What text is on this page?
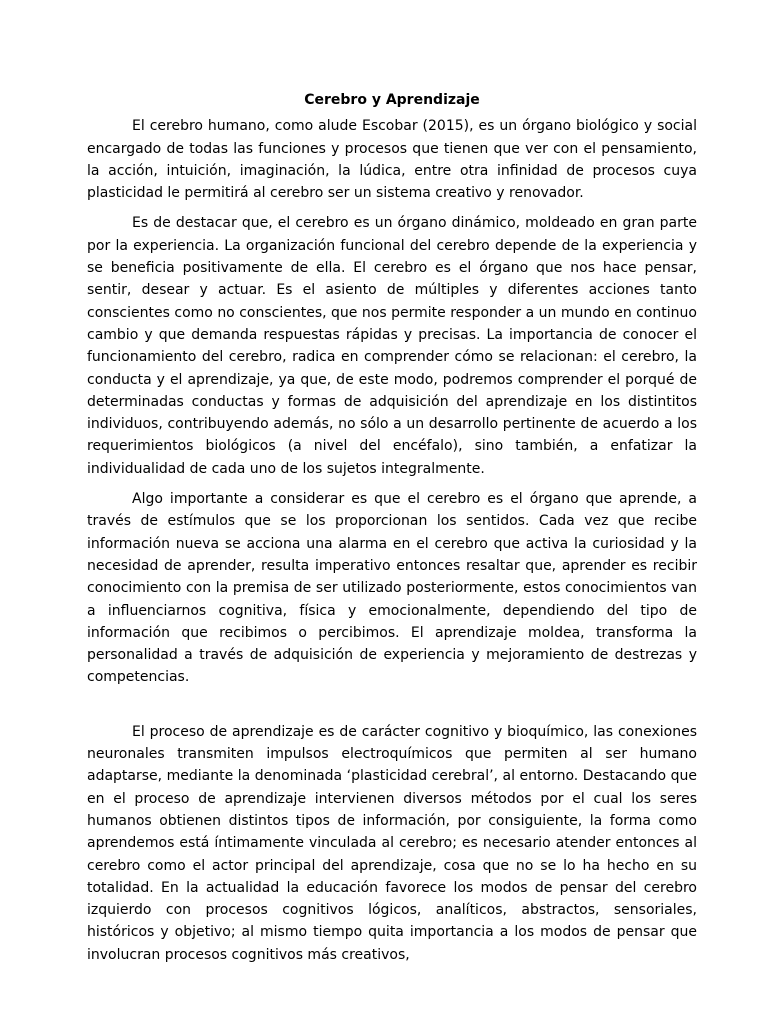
Cerebro y Aprendizaje

El cerebro humano, como alude Escobar (2015), es un órgano biológico y social encargado de todas las funciones y procesos que tienen que ver con el pensamiento, la acción, intuición, imaginación, la lúdica, entre otra infinidad de procesos cuya plasticidad le permitirá al cerebro ser un sistema creativo y renovador.

Es de destacar que, el cerebro es un órgano dinámico, moldeado en gran parte por la experiencia. La organización funcional del cerebro depende de la experiencia y se beneficia positivamente de ella. El cerebro es el órgano que nos hace pensar, sentir, desear y actuar. Es el asiento de múltiples y diferentes acciones tanto conscientes como no conscientes, que nos permite responder a un mundo en continuo cambio y que demanda respuestas rápidas y precisas. La importancia de conocer el funcionamiento del cerebro, radica en comprender cómo se relacionan: el cerebro, la conducta y el aprendizaje, ya que, de este modo, podremos comprender el porqué de determinadas conductas y formas de adquisición del aprendizaje en los distintitos individuos, contribuyendo además, no sólo a un desarrollo pertinente de acuerdo a los requerimientos biológicos (a nivel del encéfalo), sino también, a enfatizar la individualidad de cada uno de los sujetos integralmente.

Algo importante a considerar es que el cerebro es el órgano que aprende, a través de estímulos que se los proporcionan los sentidos. Cada vez que recibe información nueva se acciona una alarma en el cerebro que activa la curiosidad y la necesidad de aprender, resulta imperativo entonces resaltar que, aprender es recibir conocimiento con la premisa de ser utilizado posteriormente, estos conocimientos van a influenciarnos cognitiva, física y emocionalmente, dependiendo del tipo de información que recibimos o percibimos. El aprendizaje moldea, transforma la personalidad a través de adquisición de experiencia y mejoramiento de destrezas y competencias.

El proceso de aprendizaje es de carácter cognitivo y bioquímico, las conexiones neuronales transmiten impulsos electroquímicos que permiten al ser humano adaptarse, mediante la denominada ‘plasticidad cerebral’, al entorno. Destacando que en el proceso de aprendizaje intervienen diversos métodos por el cual los seres humanos obtienen distintos tipos de información, por consiguiente, la forma como aprendemos está íntimamente vinculada al cerebro; es necesario atender entonces al cerebro como el actor principal del aprendizaje, cosa que no se lo ha hecho en su totalidad. En la actualidad la educación favorece los modos de pensar del cerebro izquierdo con procesos cognitivos lógicos, analíticos, abstractos, sensoriales, históricos y objetivo; al mismo tiempo quita importancia a los modos de pensar que involucran procesos cognitivos más creativos,
